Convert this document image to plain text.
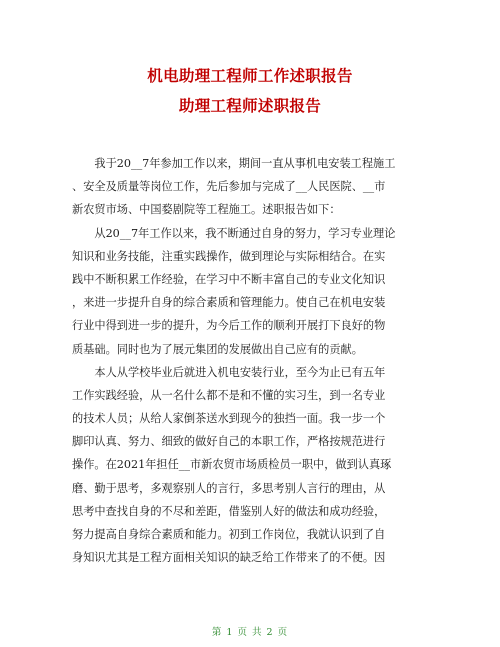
机电助理工程师工作述职报告
助理工程师述职报告
　　我于20__7年参加工作以来，期间一直从事机电安装工程施工
、安全及质量等岗位工作，先后参加与完成了__人民医院、__市
新农贸市场、中国婺剧院等工程施工。述职报告如下：
　　从20__7年工作以来，我不断通过自身的努力，学习专业理论
知识和业务技能，注重实践操作，做到理论与实际相结合。在实
践中不断积累工作经验，在学习中不断丰富自己的专业文化知识
，来进一步提升自身的综合素质和管理能力。使自己在机电安装
行业中得到进一步的提升，为今后工作的顺利开展打下良好的物
质基础。同时也为了展元集团的发展做出自己应有的贡献。
　　本人从学校毕业后就进入机电安装行业，至今为止已有五年
工作实践经验，从一名什么都不是和不懂的实习生，到一名专业
的技术人员；从给人家倒茶送水到现今的独挡一面。我一步一个
脚印认真、努力、细致的做好自己的本职工作，严格按规范进行
操作。在2021年担任__市新农贸市场质检员一职中，做到认真琢
磨、勤于思考，多观察别人的言行，多思考别人言行的理由，从
思考中查找自身的不尽和差距，借鉴别人好的做法和成功经验，
努力提高自身综合素质和能力。初到工作岗位，我就认识到了自
身知识尤其是工程方面相关知识的缺乏给工作带来了的不便。因
第 1 页 共 2 页
